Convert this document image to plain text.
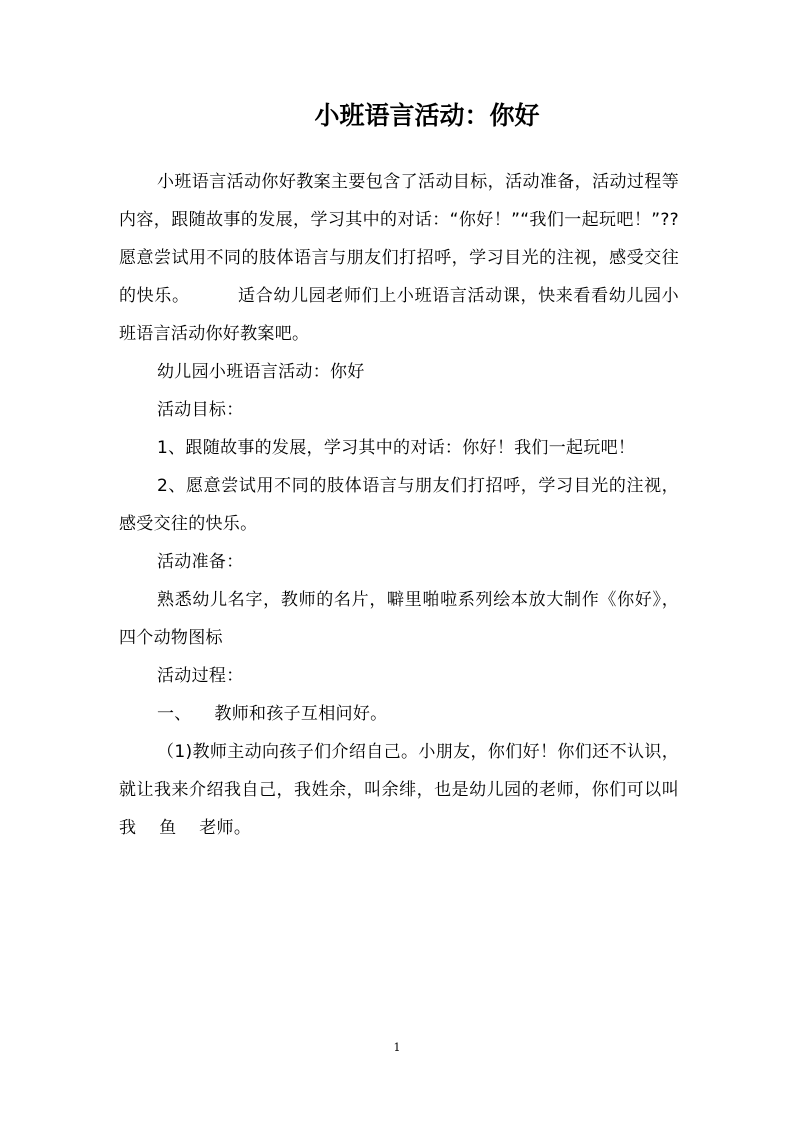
小班语言活动：你好

小班语言活动你好教案主要包含了活动目标，活动准备，活动过程等内容，跟随故事的发展，学习其中的对话：“你好！”“我们一起玩吧！”??愿意尝试用不同的肢体语言与朋友们打招呼，学习目光的注视，感受交往的快乐。        适合幼儿园老师们上小班语言活动课，快来看看幼儿园小班语言活动你好教案吧。

幼儿园小班语言活动：你好

活动目标：

1、跟随故事的发展，学习其中的对话：你好！我们一起玩吧！

2、愿意尝试用不同的肢体语言与朋友们打招呼，学习目光的注视，感受交往的快乐。

活动准备：

熟悉幼儿名字，教师的名片，噼里啪啦系列绘本放大制作《你好》，四个动物图标

活动过程：

一、    教师和孩子互相问好。

（1)教师主动向孩子们介绍自己。小朋友，你们好！你们还不认识，就让我来介绍我自己，我姓余，叫余绯，也是幼儿园的老师，你们可以叫我    鱼    老师。

1
